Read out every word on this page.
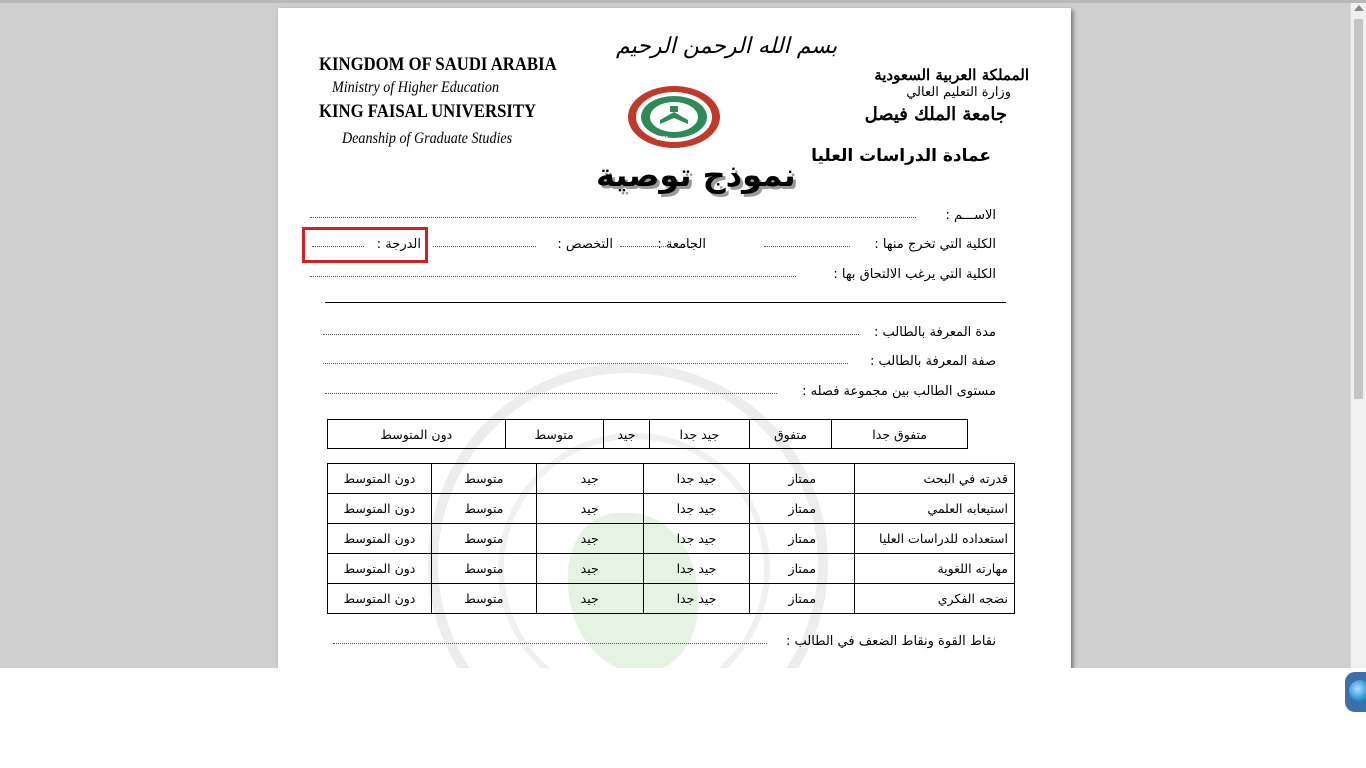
KINGDOM OF SAUDI ARABIA
Ministry of Higher Education
KING FAISAL UNIVERSITY
Deanship of Graduate Studies
بسم الله الرحمن الرحيم
1975
نموذج توصية
المملكة العربية السعودية
وزارة التعليم العالي
جامعة الملك فيصل
عمادة الدراسات العليا
الاســـم :
الكلية التي تخرج منها :
الجامعة :
التخصص :
الدرجة :
الكلية التي يرغب الالتحاق بها :
مدة المعرفة بالطالب :
صفة المعرفة بالطالب :
مستوى الطالب بين مجموعة فصله :
متفوق جدا	متفوق	جيد جدا	جيد	متوسط	دون المتوسط
قدرته في البحث	ممتاز	جيد جدا	جيد	متوسط	دون المتوسط
استيعابه العلمي	ممتاز	جيد جدا	جيد	متوسط	دون المتوسط
استعداده للدراسات العليا	ممتاز	جيد جدا	جيد	متوسط	دون المتوسط
مهارته اللغوية	ممتاز	جيد جدا	جيد	متوسط	دون المتوسط
نضجه الفكري	ممتاز	جيد جدا	جيد	متوسط	دون المتوسط
نقاط القوة ونقاط الضعف في الطالب :
